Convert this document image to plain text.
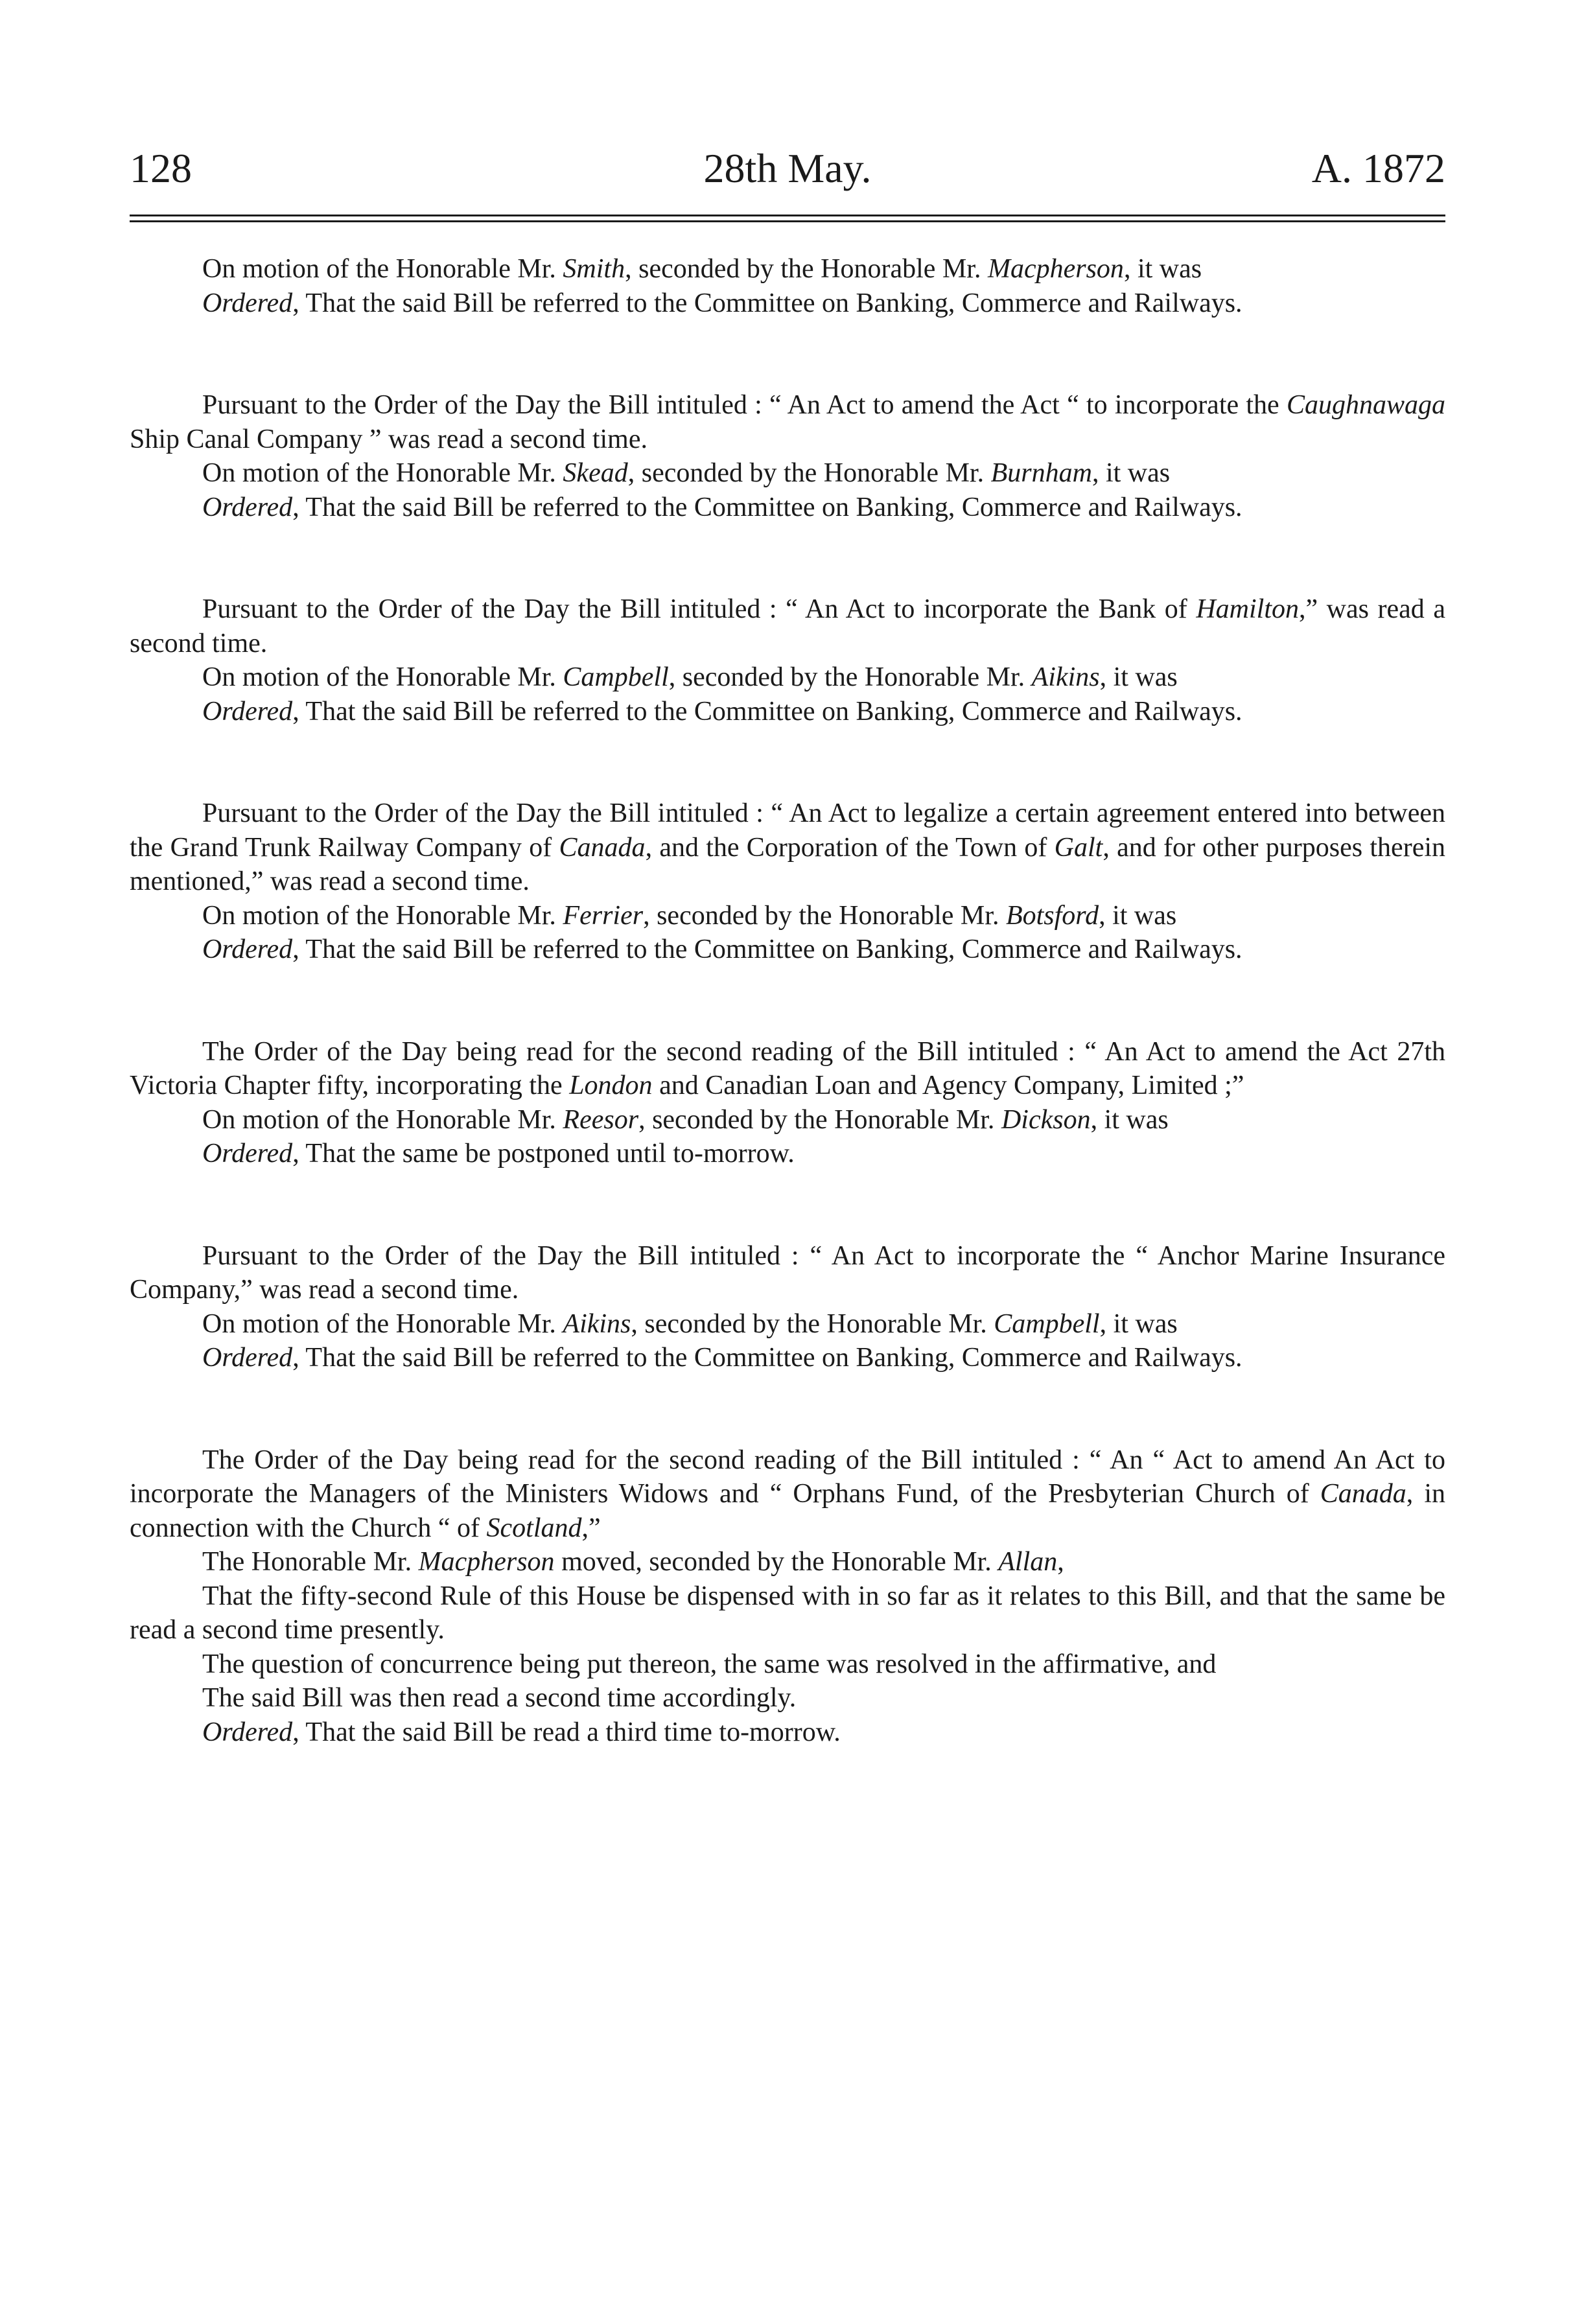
128	28th May.	A. 1872

On motion of the Honorable Mr. Smith, seconded by the Honorable Mr. Macpherson, it was

Ordered, That the said Bill be referred to the Committee on Banking, Commerce and Railways.

Pursuant to the Order of the Day the Bill intituled : “ An Act to amend the Act “ to incorporate the Caughnawaga Ship Canal Company ” was read a second time.

On motion of the Honorable Mr. Skead, seconded by the Honorable Mr. Burnham, it was

Ordered, That the said Bill be referred to the Committee on Banking, Commerce and Railways.

Pursuant to the Order of the Day the Bill intituled : “ An Act to incorporate the Bank of Hamilton,” was read a second time.

On motion of the Honorable Mr. Campbell, seconded by the Honorable Mr. Aikins, it was

Ordered, That the said Bill be referred to the Committee on Banking, Commerce and Railways.

Pursuant to the Order of the Day the Bill intituled : “ An Act to legalize a certain agreement entered into between the Grand Trunk Railway Company of Canada, and the Corporation of the Town of Galt, and for other purposes therein mentioned,” was read a second time.

On motion of the Honorable Mr. Ferrier, seconded by the Honorable Mr. Botsford, it was

Ordered, That the said Bill be referred to the Committee on Banking, Commerce and Railways.

The Order of the Day being read for the second reading of the Bill intituled : “ An Act to amend the Act 27th Victoria Chapter fifty, incorporating the London and Canadian Loan and Agency Company, Limited ;”

On motion of the Honorable Mr. Reesor, seconded by the Honorable Mr. Dickson, it was

Ordered, That the same be postponed until to-morrow.

Pursuant to the Order of the Day the Bill intituled : “ An Act to incorporate the “ Anchor Marine Insurance Company,” was read a second time.

On motion of the Honorable Mr. Aikins, seconded by the Honorable Mr. Campbell, it was

Ordered, That the said Bill be referred to the Committee on Banking, Commerce and Railways.

The Order of the Day being read for the second reading of the Bill intituled : “ An “ Act to amend An Act to incorporate the Managers of the Ministers Widows and “ Orphans Fund, of the Presbyterian Church of Canada, in connection with the Church “ of Scotland,”

The Honorable Mr. Macpherson moved, seconded by the Honorable Mr. Allan,

That the fifty-second Rule of this House be dispensed with in so far as it relates to this Bill, and that the same be read a second time presently.

The question of concurrence being put thereon, the same was resolved in the affirmative, and

The said Bill was then read a second time accordingly.

Ordered, That the said Bill be read a third time to-morrow.
